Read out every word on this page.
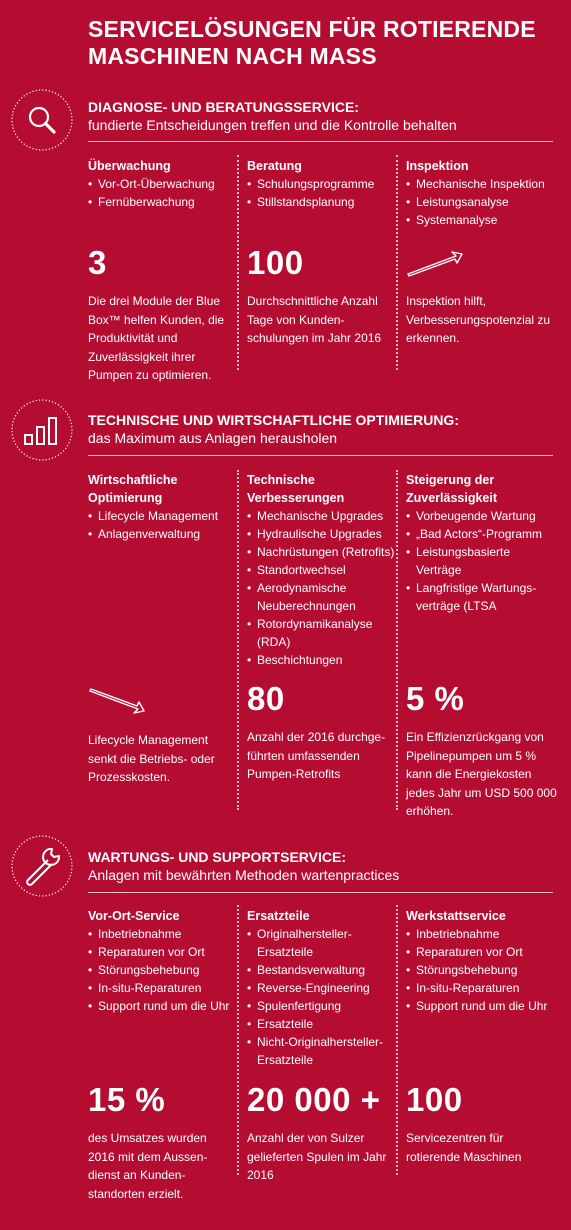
SERVICELÖSUNGEN FÜR ROTIERENDE MASCHINEN NACH MASS
DIAGNOSE- UND BERATUNGSSERVICE:
fundierte Entscheidungen treffen und die Kontrolle behalten
Überwachung
• Vor-Ort-Überwachung
• Fernüberwachung
Beratung
• Schulungsprogramme
• Stillstandsplanung
Inspektion
• Mechanische Inspektion
• Leistungsanalyse
• Systemanalyse
3
Die drei Module der Blue Box™ helfen Kunden, die Produktivität und Zuverlässigkeit ihrer Pumpen zu optimieren.
100
Durchschnittliche Anzahl Tage von Kundenschulungen im Jahr 2016
Inspektion hilft, Verbesserungspotenzial zu erkennen.
TECHNISCHE UND WIRTSCHAFTLICHE OPTIMIERUNG:
das Maximum aus Anlagen herausholen
Wirtschaftliche Optimierung
• Lifecycle Management
• Anlagenverwaltung
Technische Verbesserungen
• Mechanische Upgrades
• Hydraulische Upgrades
• Nachrüstungen (Retrofits)
• Standortwechsel
• Aerodynamische Neuberechnungen
• Rotordynamikanalyse (RDA)
• Beschichtungen
Steigerung der Zuverlässigkeit
• Vorbeugende Wartung
• „Bad Actors“-Programm
• Leistungsbasierte Verträge
• Langfristige Wartungsverträge (LTSA
Lifecycle Management senkt die Betriebs- oder Prozesskosten.
80
Anzahl der 2016 durchgeführten umfassenden Pumpen-Retrofits
5 %
Ein Effizienzrückgang von Pipelinepumpen um 5 % kann die Energiekosten jedes Jahr um USD 500 000 erhöhen.
WARTUNGS- UND SUPPORTSERVICE:
Anlagen mit bewährten Methoden wartenpractices
Vor-Ort-Service
• Inbetriebnahme
• Reparaturen vor Ort
• Störungsbehebung
• In-situ-Reparaturen
• Support rund um die Uhr
Ersatzteile
• Originalhersteller-Ersatzteile
• Bestandsverwaltung
• Reverse-Engineering
• Spulenfertigung
• Ersatzteile
• Nicht-Originalhersteller-Ersatzteile
Werkstattservice
• Inbetriebnahme
• Reparaturen vor Ort
• Störungsbehebung
• In-situ-Reparaturen
• Support rund um die Uhr
15 %
des Umsatzes wurden 2016 mit dem Aussendienst an Kundenstandorten erzielt.
20 000 +
Anzahl der von Sulzer gelieferten Spulen im Jahr 2016
100
Servicezentren für rotierende Maschinen
